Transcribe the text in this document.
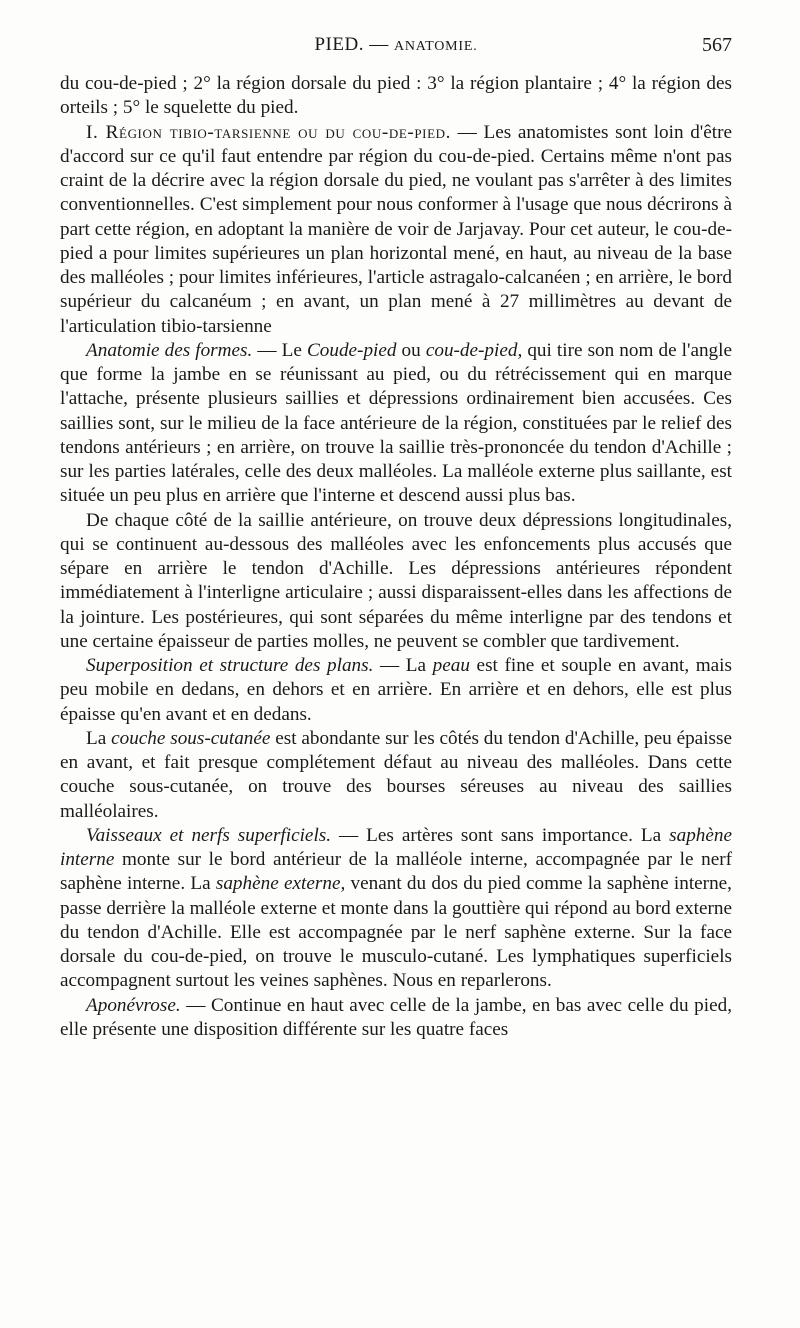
PIED. — ANATOMIE.	567

du cou-de-pied ; 2° la région dorsale du pied : 3° la région plantaire ; 4° la région des orteils ; 5° le squelette du pied.

I. Région tibio-tarsienne ou du cou-de-pied. — Les anatomistes sont loin d'être d'accord sur ce qu'il faut entendre par région du cou-de-pied. Certains même n'ont pas craint de la décrire avec la région dorsale du pied, ne voulant pas s'arrêter à des limites conventionnelles. C'est simplement pour nous conformer à l'usage que nous décrirons à part cette région, en adoptant la manière de voir de Jarjavay. Pour cet auteur, le cou-de-pied a pour limites supérieures un plan horizontal mené, en haut, au niveau de la base des malléoles ; pour limites inférieures, l'article astragalo-calcanéen ; en arrière, le bord supérieur du calcanéum ; en avant, un plan mené à 27 millimètres au devant de l'articulation tibio-tarsienne

Anatomie des formes. — Le Coude-pied ou cou-de-pied, qui tire son nom de l'angle que forme la jambe en se réunissant au pied, ou du rétrécissement qui en marque l'attache, présente plusieurs saillies et dépressions ordinairement bien accusées. Ces saillies sont, sur le milieu de la face antérieure de la région, constituées par le relief des tendons antérieurs ; en arrière, on trouve la saillie très-prononcée du tendon d'Achille ; sur les parties latérales, celle des deux malléoles. La malléole externe plus saillante, est située un peu plus en arrière que l'interne et descend aussi plus bas.

De chaque côté de la saillie antérieure, on trouve deux dépressions longitudinales, qui se continuent au-dessous des malléoles avec les enfoncements plus accusés que sépare en arrière le tendon d'Achille. Les dépressions antérieures répondent immédiatement à l'interligne articulaire ; aussi disparaissent-elles dans les affections de la jointure. Les postérieures, qui sont séparées du même interligne par des tendons et une certaine épaisseur de parties molles, ne peuvent se combler que tardivement.

Superposition et structure des plans. — La peau est fine et souple en avant, mais peu mobile en dedans, en dehors et en arrière. En arrière et en dehors, elle est plus épaisse qu'en avant et en dedans.

La couche sous-cutanée est abondante sur les côtés du tendon d'Achille, peu épaisse en avant, et fait presque complétement défaut au niveau des malléoles. Dans cette couche sous-cutanée, on trouve des bourses séreuses au niveau des saillies malléolaires.

Vaisseaux et nerfs superficiels. — Les artères sont sans importance. La saphène interne monte sur le bord antérieur de la malléole interne, accompagnée par le nerf saphène interne. La saphène externe, venant du dos du pied comme la saphène interne, passe derrière la malléole externe et monte dans la gouttière qui répond au bord externe du tendon d'Achille. Elle est accompagnée par le nerf saphène externe. Sur la face dorsale du cou-de-pied, on trouve le musculo-cutané. Les lymphatiques superficiels accompagnent surtout les veines saphènes. Nous en reparlerons.

Aponévrose. — Continue en haut avec celle de la jambe, en bas avec celle du pied, elle présente une disposition différente sur les quatre faces
